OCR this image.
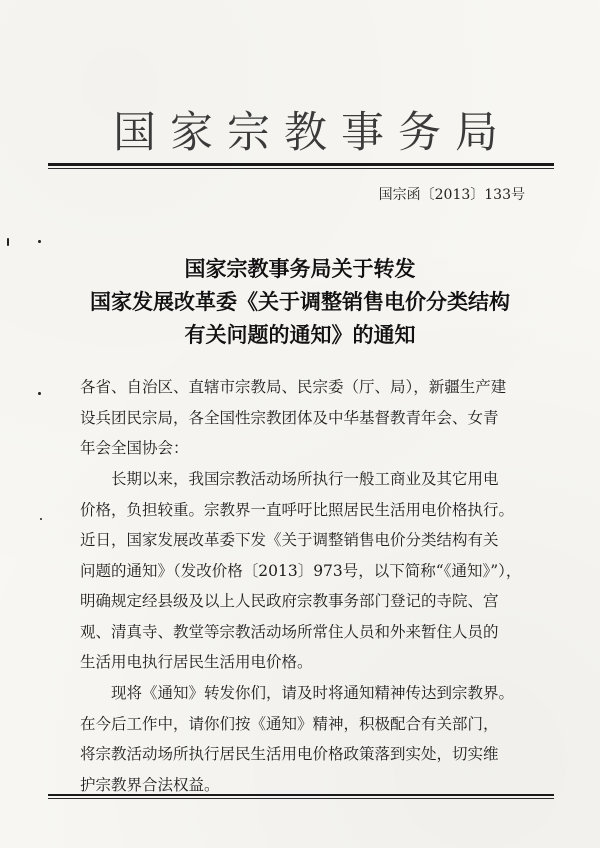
国家宗教事务局
国宗函〔2013〕133号
国家宗教事务局关于转发
国家发展改革委《关于调整销售电价分类结构
有关问题的通知》的通知
各省、自治区、直辖市宗教局、民宗委（厅、局），新疆生产建
设兵团民宗局，各全国性宗教团体及中华基督教青年会、女青
年会全国协会：
长期以来，我国宗教活动场所执行一般工商业及其它用电
价格，负担较重。宗教界一直呼吁比照居民生活用电价格执行。
近日，国家发展改革委下发《关于调整销售电价分类结构有关
问题的通知》（发改价格〔2013〕973号，以下简称“《通知》”），
明确规定经县级及以上人民政府宗教事务部门登记的寺院、宫
观、清真寺、教堂等宗教活动场所常住人员和外来暂住人员的
生活用电执行居民生活用电价格。
现将《通知》转发你们，请及时将通知精神传达到宗教界。
在今后工作中，请你们按《通知》精神，积极配合有关部门，
将宗教活动场所执行居民生活用电价格政策落到实处，切实维
护宗教界合法权益。
